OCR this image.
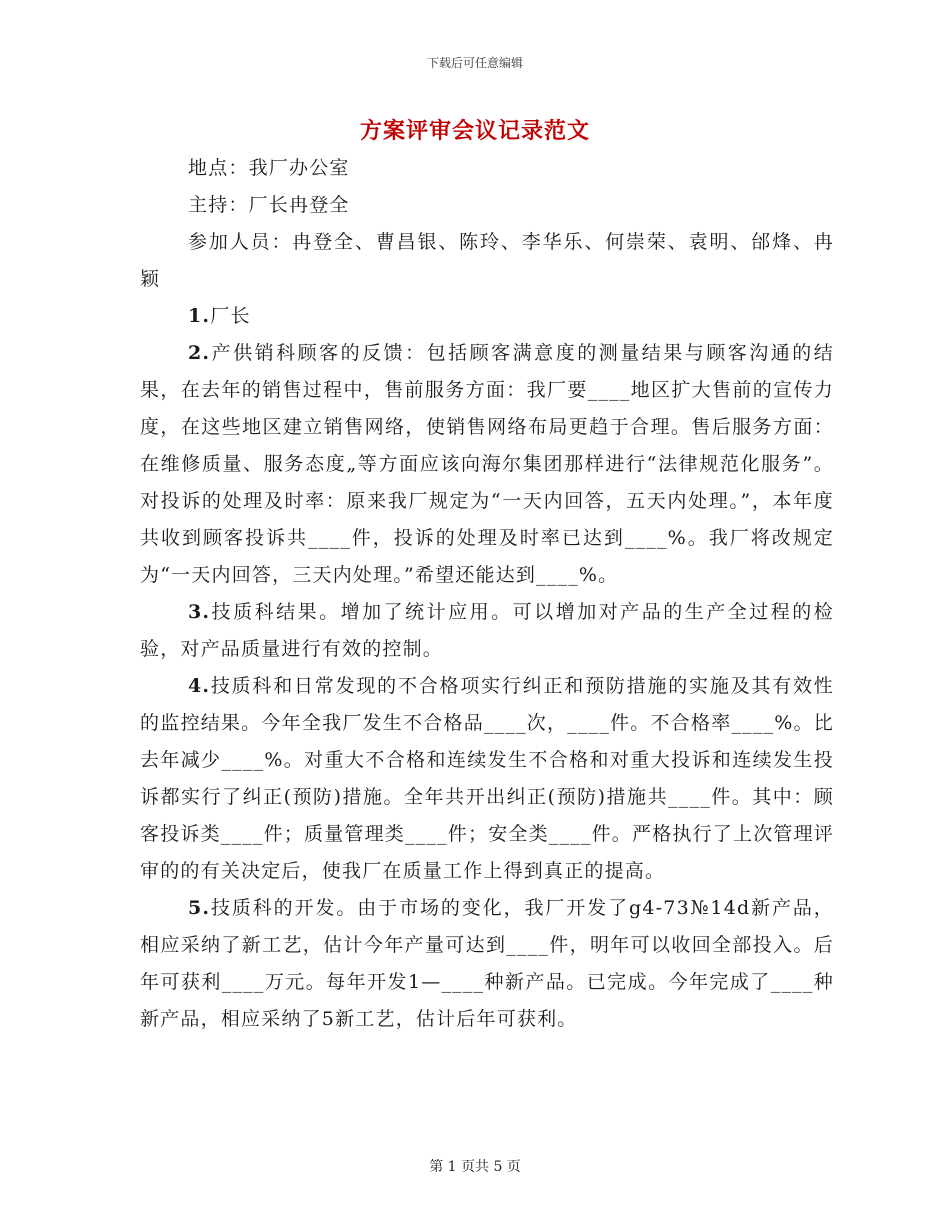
下载后可任意编辑
方案评审会议记录范文

地点：我厂办公室

主持：厂长冉登全

参加人员：冉登全、曹昌银、陈玲、李华乐、何崇荣、袁明、邰烽、冉颖

1.厂长

2.产供销科顾客的反馈：包括顾客满意度的测量结果与顾客沟通的结果，在去年的销售过程中，售前服务方面：我厂要____地区扩大售前的宣传力度，在这些地区建立销售网络，使销售网络布局更趋于合理。售后服务方面：在维修质量、服务态度„等方面应该向海尔集团那样进行“法律规范化服务”。对投诉的处理及时率：原来我厂规定为“一天内回答，五天内处理。”，本年度共收到顾客投诉共____件，投诉的处理及时率已达到____%。我厂将改规定为“一天内回答，三天内处理。”希望还能达到____%。

3.技质科结果。增加了统计应用。可以增加对产品的生产全过程的检验，对产品质量进行有效的控制。

4.技质科和日常发现的不合格项实行纠正和预防措施的实施及其有效性的监控结果。今年全我厂发生不合格品____次，____件。不合格率____%。比去年减少____%。对重大不合格和连续发生不合格和对重大投诉和连续发生投诉都实行了纠正(预防)措施。全年共开出纠正(预防)措施共____件。其中：顾客投诉类____件；质量管理类____件；安全类____件。严格执行了上次管理评审的的有关决定后，使我厂在质量工作上得到真正的提高。

5.技质科的开发。由于市场的变化，我厂开发了g4-73№14d新产品，相应采纳了新工艺，估计今年产量可达到____件，明年可以收回全部投入。后年可获利____万元。每年开发1—____种新产品。已完成。今年完成了____种新产品，相应采纳了5新工艺，估计后年可获利。

第 1 页共 5 页
